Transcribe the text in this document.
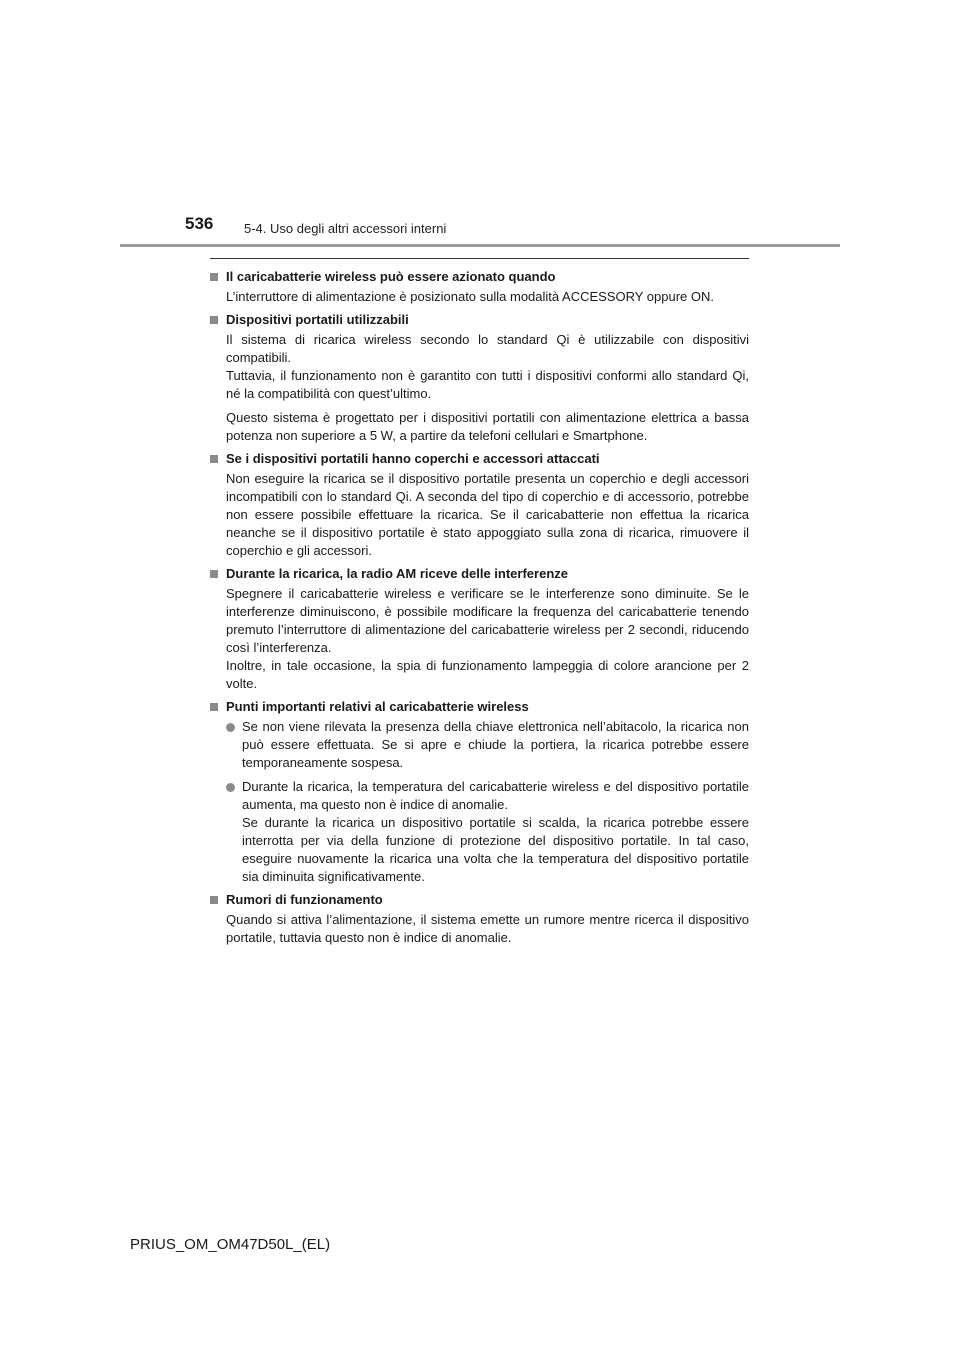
536 5-4. Uso degli altri accessori interni
Il caricabatterie wireless può essere azionato quando
L’interruttore di alimentazione è posizionato sulla modalità ACCESSORY oppure ON.
Dispositivi portatili utilizzabili
Il sistema di ricarica wireless secondo lo standard Qi è utilizzabile con dispositivi compatibili.
Tuttavia, il funzionamento non è garantito con tutti i dispositivi conformi allo standard Qi, né la compatibilità con quest’ultimo.
Questo sistema è progettato per i dispositivi portatili con alimentazione elettrica a bassa potenza non superiore a 5 W, a partire da telefoni cellulari e Smartphone.
Se i dispositivi portatili hanno coperchi e accessori attaccati
Non eseguire la ricarica se il dispositivo portatile presenta un coperchio e degli accessori incompatibili con lo standard Qi. A seconda del tipo di coperchio e di accessorio, potrebbe non essere possibile effettuare la ricarica. Se il caricabatterie non effettua la ricarica neanche se il dispositivo portatile è stato appoggiato sulla zona di ricarica, rimuovere il coperchio e gli accessori.
Durante la ricarica, la radio AM riceve delle interferenze
Spegnere il caricabatterie wireless e verificare se le interferenze sono diminuite. Se le interferenze diminuiscono, è possibile modificare la frequenza del caricabatterie tenendo premuto l’interruttore di alimentazione del caricabatterie wireless per 2 secondi, riducendo così l’interferenza.
Inoltre, in tale occasione, la spia di funzionamento lampeggia di colore arancione per 2 volte.
Punti importanti relativi al caricabatterie wireless
Se non viene rilevata la presenza della chiave elettronica nell’abitacolo, la ricarica non può essere effettuata. Se si apre e chiude la portiera, la ricarica potrebbe essere temporaneamente sospesa.
Durante la ricarica, la temperatura del caricabatterie wireless e del dispositivo portatile aumenta, ma questo non è indice di anomalie.
Se durante la ricarica un dispositivo portatile si scalda, la ricarica potrebbe essere interrotta per via della funzione di protezione del dispositivo portatile. In tal caso, eseguire nuovamente la ricarica una volta che la temperatura del dispositivo portatile sia diminuita significativamente.
Rumori di funzionamento
Quando si attiva l’alimentazione, il sistema emette un rumore mentre ricerca il dispositivo portatile, tuttavia questo non è indice di anomalie.
PRIUS_OM_OM47D50L_(EL)
